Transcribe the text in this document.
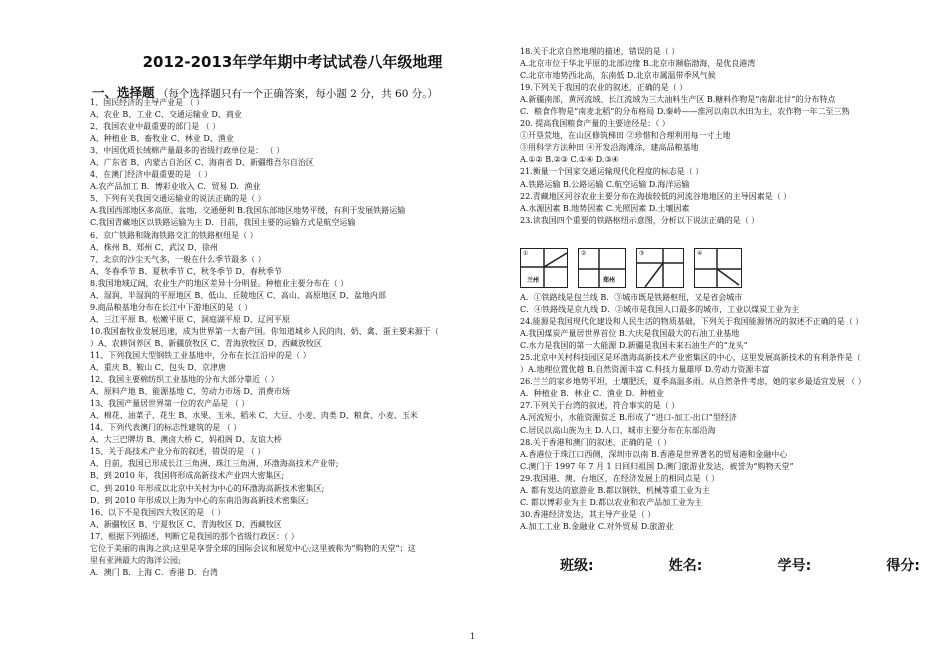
2012-2013年学年期中考试试卷八年级地理
一、选择题 （每个选择题只有一个正确答案，每小题 2 分，共 60 分。）
1、国民经济的主导产业是 （ ）
A、农业 B、工业 C、交通运输业 D、商业
2、我国农业中最重要的部门是 （ ）
A、种植业 B、畜牧业 C、林业 D、渔业
3、中国优质长绒棉产量最多的省级行政单位是： （ ）
A、广东省 B、内蒙古自治区 C、海南省 D、新疆维吾尔自治区
4、在澳门经济中最重要的是 （ ）
A.农产品加工 B．博彩业收入 C．贸易 D．渔业
5、下列有关我国交通运输业的说法正确的是（ ）
A.我国西部地区多高原、盆地，交通便利 B.我国东部地区地势平缓，有利于发展铁路运输
C.我国青藏地区以铁路运输为主 D．目前，我国主要的运输方式是航空运输
6、京广铁路和陇海铁路交汇的铁路枢纽是（ ）
A、株州 B、郑州 C、武汉 D、徐州
7、北京的沙尘天气多，一般在什么季节最多（ ）
A、冬春季节 B、夏秋季节 C、秋冬季节 D、春秋季节
8.我国地域辽阔，农业生产的地区差异十分明显。种植业主要分布在（ ）
A、湿润、半湿润的平原地区 B、低山、丘陵地区 C、高山、高原地区 D、盆地内部
9.商品粮基地分布在长江中下游地区的是（ ）
A、三江平原 B、松嫩平原 C、洞庭湖平原 D、辽河平原
10.我国畜牧业发展迅速，成为世界第一大畜产国。你知道城乡人民的肉、奶、禽、蛋主要来源于（
）A、农耕饲养区 B、新疆放牧区 C、青海放牧区 D、西藏放牧区
11、下列我国大型钢铁工业基地中，分布在长江沿岸的是（ ）
A、重庆 B、鞍山 C、包头 D、京津唐
12、我国主要棉纺织工业基地的分布大部分靠近（ ）
A、原料产地 B、能源基地 C、劳动力市场 D、消费市场
13、我国产量居世界第一位的农产品是 （ ）
A、棉花、油菜子、花生 B、水果、玉米、稻米 C、大豆、小麦、肉类 D、粮食、小麦、玉米
14、下列代表澳门的标志性建筑的是 （ ）
A、大三巴牌坊 B、澳卤大桥 C、妈祖阁 D、友谊大桥
15、关于高技术产业分布的叙述，错误的是 （ ）
A、目前，我国已形成长江三角洲、珠江三角洲、环渤海高技术产业带;
B、到 2010 年，我国将形成高新技术产业四大密集区;
C、到 2010 年形成以北京中关村为中心的环渤海高新技术密集区;
D、到 2010 年形成以上海为中心的东南沿海高新技术密集区;
16、以下不是我国四大牧区的是 （ ）
A、新疆牧区 B、宁夏牧区 C、青海牧区 D、西藏牧区
17、根据下列描述，判断它是我国的那个省级行政区：（ ）
它位于美丽的南海之滨;这里是享誉全球的国际会议和展览中心;这里被称为“购物的天堂”；这
里有亚洲最大的海洋公园;
A．澳门 B．上海 C．香港 D．台湾
18.关于北京自然地理的描述，错误的是（ ）
A.北京市位于华北平原的北部边缘 B.北京市濒临渤海，是优良港湾
C.北京市地势西北高，东南低 D.北京市属温带季风气候
19.下列关于我国的农业的叙述，正确的是（ ）
A.新疆南部，黄河流域、长江流域为三大油料生产区 B.糖料作物是“南甜北甘”的分布特点
C．粮食作物是“南麦北稻”的分布格局 D.秦岭——淮河以南以水田为主，农作物一年二至三熟
20. 提高我国粮食产量的主要途径是：（ ）
①开垦荒地，在山区修筑梯田 ②珍惜和合理利用每一寸土地
③用科学方法种田 ④开发沿海滩涂，建高品粮基地
A.①② B.②③ C.①④ D.③④
21.衡量一个国家交通运输现代化程度的标志是（ ）
A.铁路运输 B.公路运输 C.航空运输 D.海洋运输
22.青藏地区河谷农业主要分布在海拔较低的河流谷地地区的主导因素是（ ）
A.水源因素 B.地势因素 C.光照因素 D.土壤因素
23.读我国四个重要的铁路枢纽示意图，分析以下说法正确的是（ ）
A．①铁路线是包兰线 B．③城市既是铁路枢纽，又是省会城市
C．④铁路线是京九线 D．②城市是我国人口最多的城市，工业以煤炭工业为主
24.能源是我国现代化建设和人民生活的物质基础，下列关于我国能源情况的叙述不正确的是（ ）
A.我国煤炭产量居世界首位 B.大庆是我国最大的石油工业基地
C.水力是我国的第一大能源 D.新疆是我国未来石油生产的“龙头”
25.北京中关村科技园区是环渤海高新技术产业密集区的中心，这里发展高新技术的有利条件是（
）A.地理位置优越 B.自然资源丰富 C.科技力量雄厚 D.劳动力资源丰富
26.兰兰的家乡地势平坦，土壤肥沃，夏季高温多雨。从自然条件考虑，她的家乡最适宜发展 （ ）
A．种植业 B．林业 C．渔业 D．种植业
27.下列关于台湾的叙述，符合事实的是（ ）
A.河流短小，水能资源贫乏 B.形成了“进口-加工-出口”型经济
C.居民以高山族为主 D.人口、城市主要分布在东部沿海
28.关于香港和澳门的叙述，正确的是（ ）
A.香港位于珠江口西侧，深圳市以南 B.香港是世界著名的贸易港和金融中心
C.澳门于 1997 年 7 月 1 日回归祖国 D.澳门旅游业发达，被誉为“购物天堂”
29.我国港、澳、台地区，在经济发展上的相同点是（ ）
A. 都有发达的旅游业 B.都以钢铁、机械等重工业为主
C. 都以博彩业为主 D.都以农业和农产品加工业为主
30.香港经济发达，其主导产业是（ ）
A.加工工业 B.金融业 C.对外贸易 D.旅游业
①
兰州
②
郑州
③	④
班级:	姓名:	学号:	得分:
1
